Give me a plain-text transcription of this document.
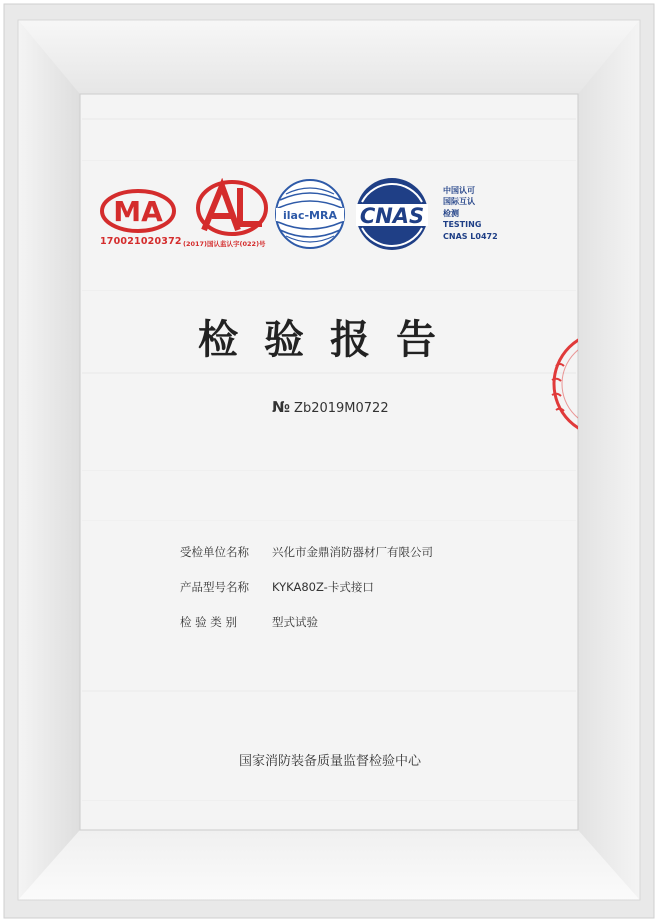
MA	ilac-MRA CNAS
170021020372 (2017)国认监认字(022)号
中国认可
国际互认
检测
TESTING
CNAS L0472
检验报告
№ Zb2019M0722
受检单位名称 兴化市金鼎消防器材厂有限公司
产品型号名称 KYKA80Z-卡式接口
检 验 类 别	型式试验
国家消防装备质量监督检验中心
